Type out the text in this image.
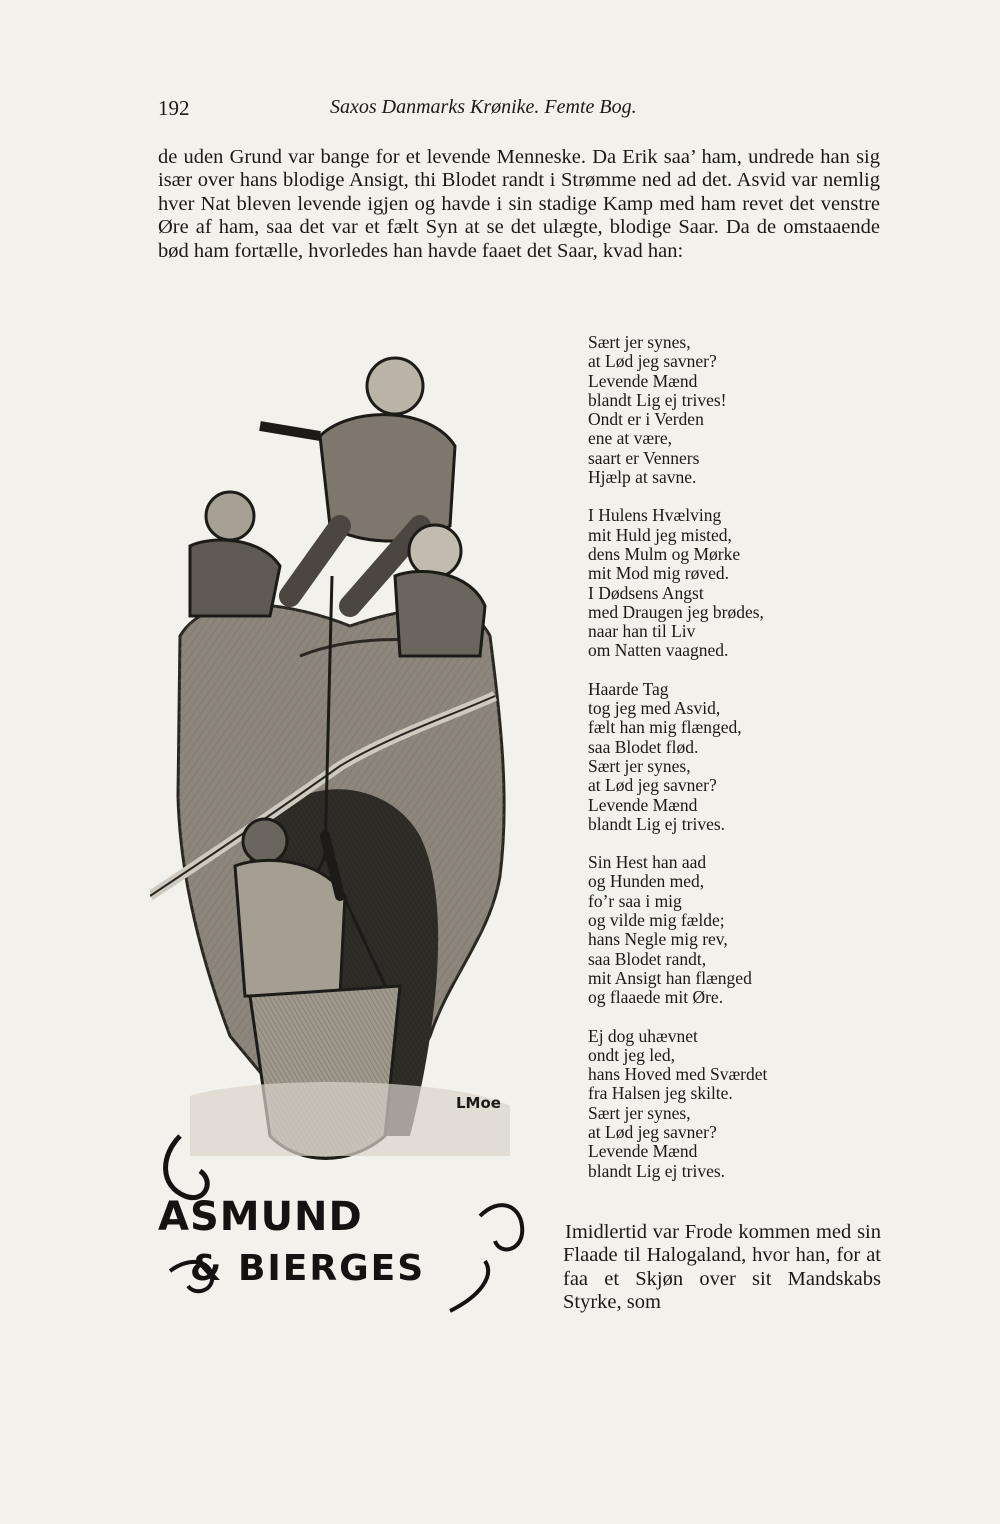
192	Saxos Danmarks Krønike. Femte Bog.

de uden Grund var bange for et levende Menneske. Da Erik saa’ ham, undrede han sig især over hans blodige Ansigt, thi Blodet randt i Strømme ned ad det. Asvid var nemlig hver Nat bleven levende igjen og havde i sin stadige Kamp med ham revet det venstre Øre af ham, saa det var et fælt Syn at se det ulægte, blodige Saar. Da de omstaaende bød ham fortælle, hvorledes han havde faaet det Saar, kvad han:

LMoe
ASMUND
& BIERGES
Sært jer synes,
at Lød jeg savner?
Levende Mænd
blandt Lig ej trives!
Ondt er i Verden
ene at være,
saart er Venners
Hjælp at savne.
I Hulens Hvælving
mit Huld jeg misted,
dens Mulm og Mørke
mit Mod mig røved.
I Dødsens Angst
med Draugen jeg brødes,
naar han til Liv
om Natten vaagned.
Haarde Tag
tog jeg med Asvid,
fælt han mig flænged,
saa Blodet flød.
Sært jer synes,
at Lød jeg savner?
Levende Mænd
blandt Lig ej trives.
Sin Hest han aad
og Hunden med,
fo’r saa i mig
og vilde mig fælde;
hans Negle mig rev,
saa Blodet randt,
mit Ansigt han flænged
og flaaede mit Øre.
Ej dog uhævnet
ondt jeg led,
hans Hoved med Sværdet
fra Halsen jeg skilte.
Sært jer synes,
at Lød jeg savner?
Levende Mænd
blandt Lig ej trives.

Imidlertid var Frode kommen med sin Flaade til Halogaland, hvor han, for at faa et Skjøn over sit Mandskabs Styrke, som
